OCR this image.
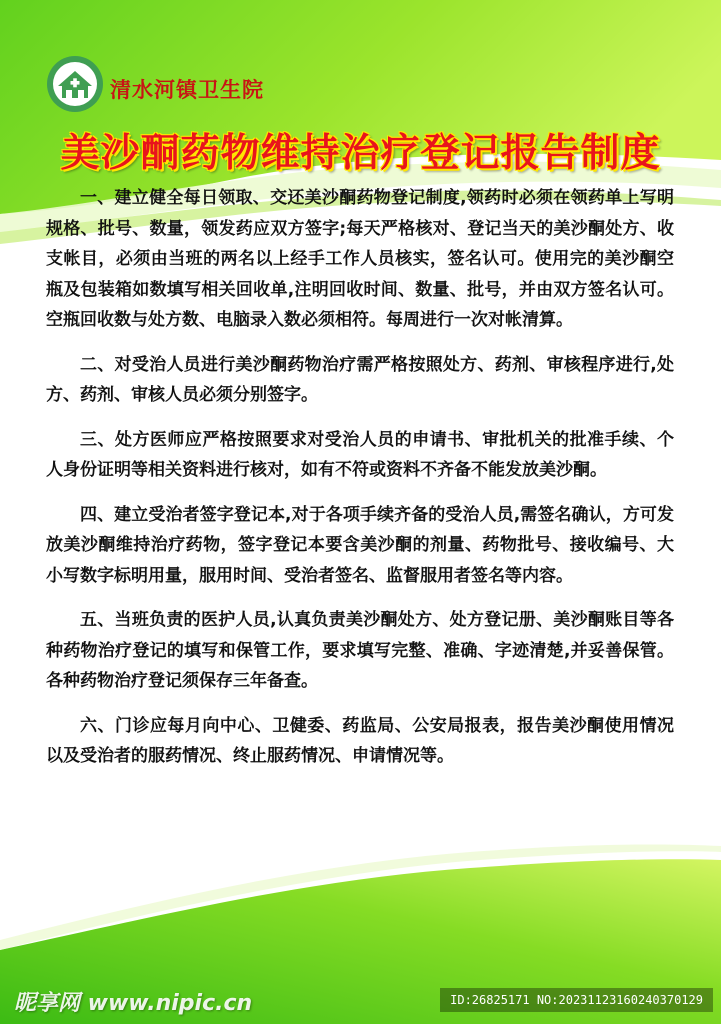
清水河镇卫生院
美沙酮药物维持治疗登记报告制度

一、建立健全每日领取、交还美沙酮药物登记制度,领药时必须在领药单上写明规格、批号、数量，领发药应双方签字;每天严格核对、登记当天的美沙酮处方、收支帐目，必须由当班的两名以上经手工作人员核实，签名认可。使用完的美沙酮空瓶及包装箱如数填写相关回收单,注明回收时间、数量、批号，并由双方签名认可。空瓶回收数与处方数、电脑录入数必须相符。每周进行一次对帐清算。

二、对受治人员进行美沙酮药物治疗需严格按照处方、药剂、审核程序进行,处方、药剂、审核人员必须分别签字。

三、处方医师应严格按照要求对受治人员的申请书、审批机关的批准手续、个人身份证明等相关资料进行核对，如有不符或资料不齐备不能发放美沙酮。

四、建立受治者签字登记本,对于各项手续齐备的受治人员,需签名确认，方可发放美沙酮维持治疗药物，签字登记本要含美沙酮的剂量、药物批号、接收编号、大小写数字标明用量，服用时间、受治者签名、监督服用者签名等内容。

五、当班负责的医护人员,认真负责美沙酮处方、处方登记册、美沙酮账目等各种药物治疗登记的填写和保管工作，要求填写完整、准确、字迹清楚,并妥善保管。各种药物治疗登记须保存三年备查。

六、门诊应每月向中心、卫健委、药监局、公安局报表，报告美沙酮使用情况以及受治者的服药情况、终止服药情况、申请情况等。

昵享网 www.nipic.cn	ID:26825171 NO:20231123160240370129
